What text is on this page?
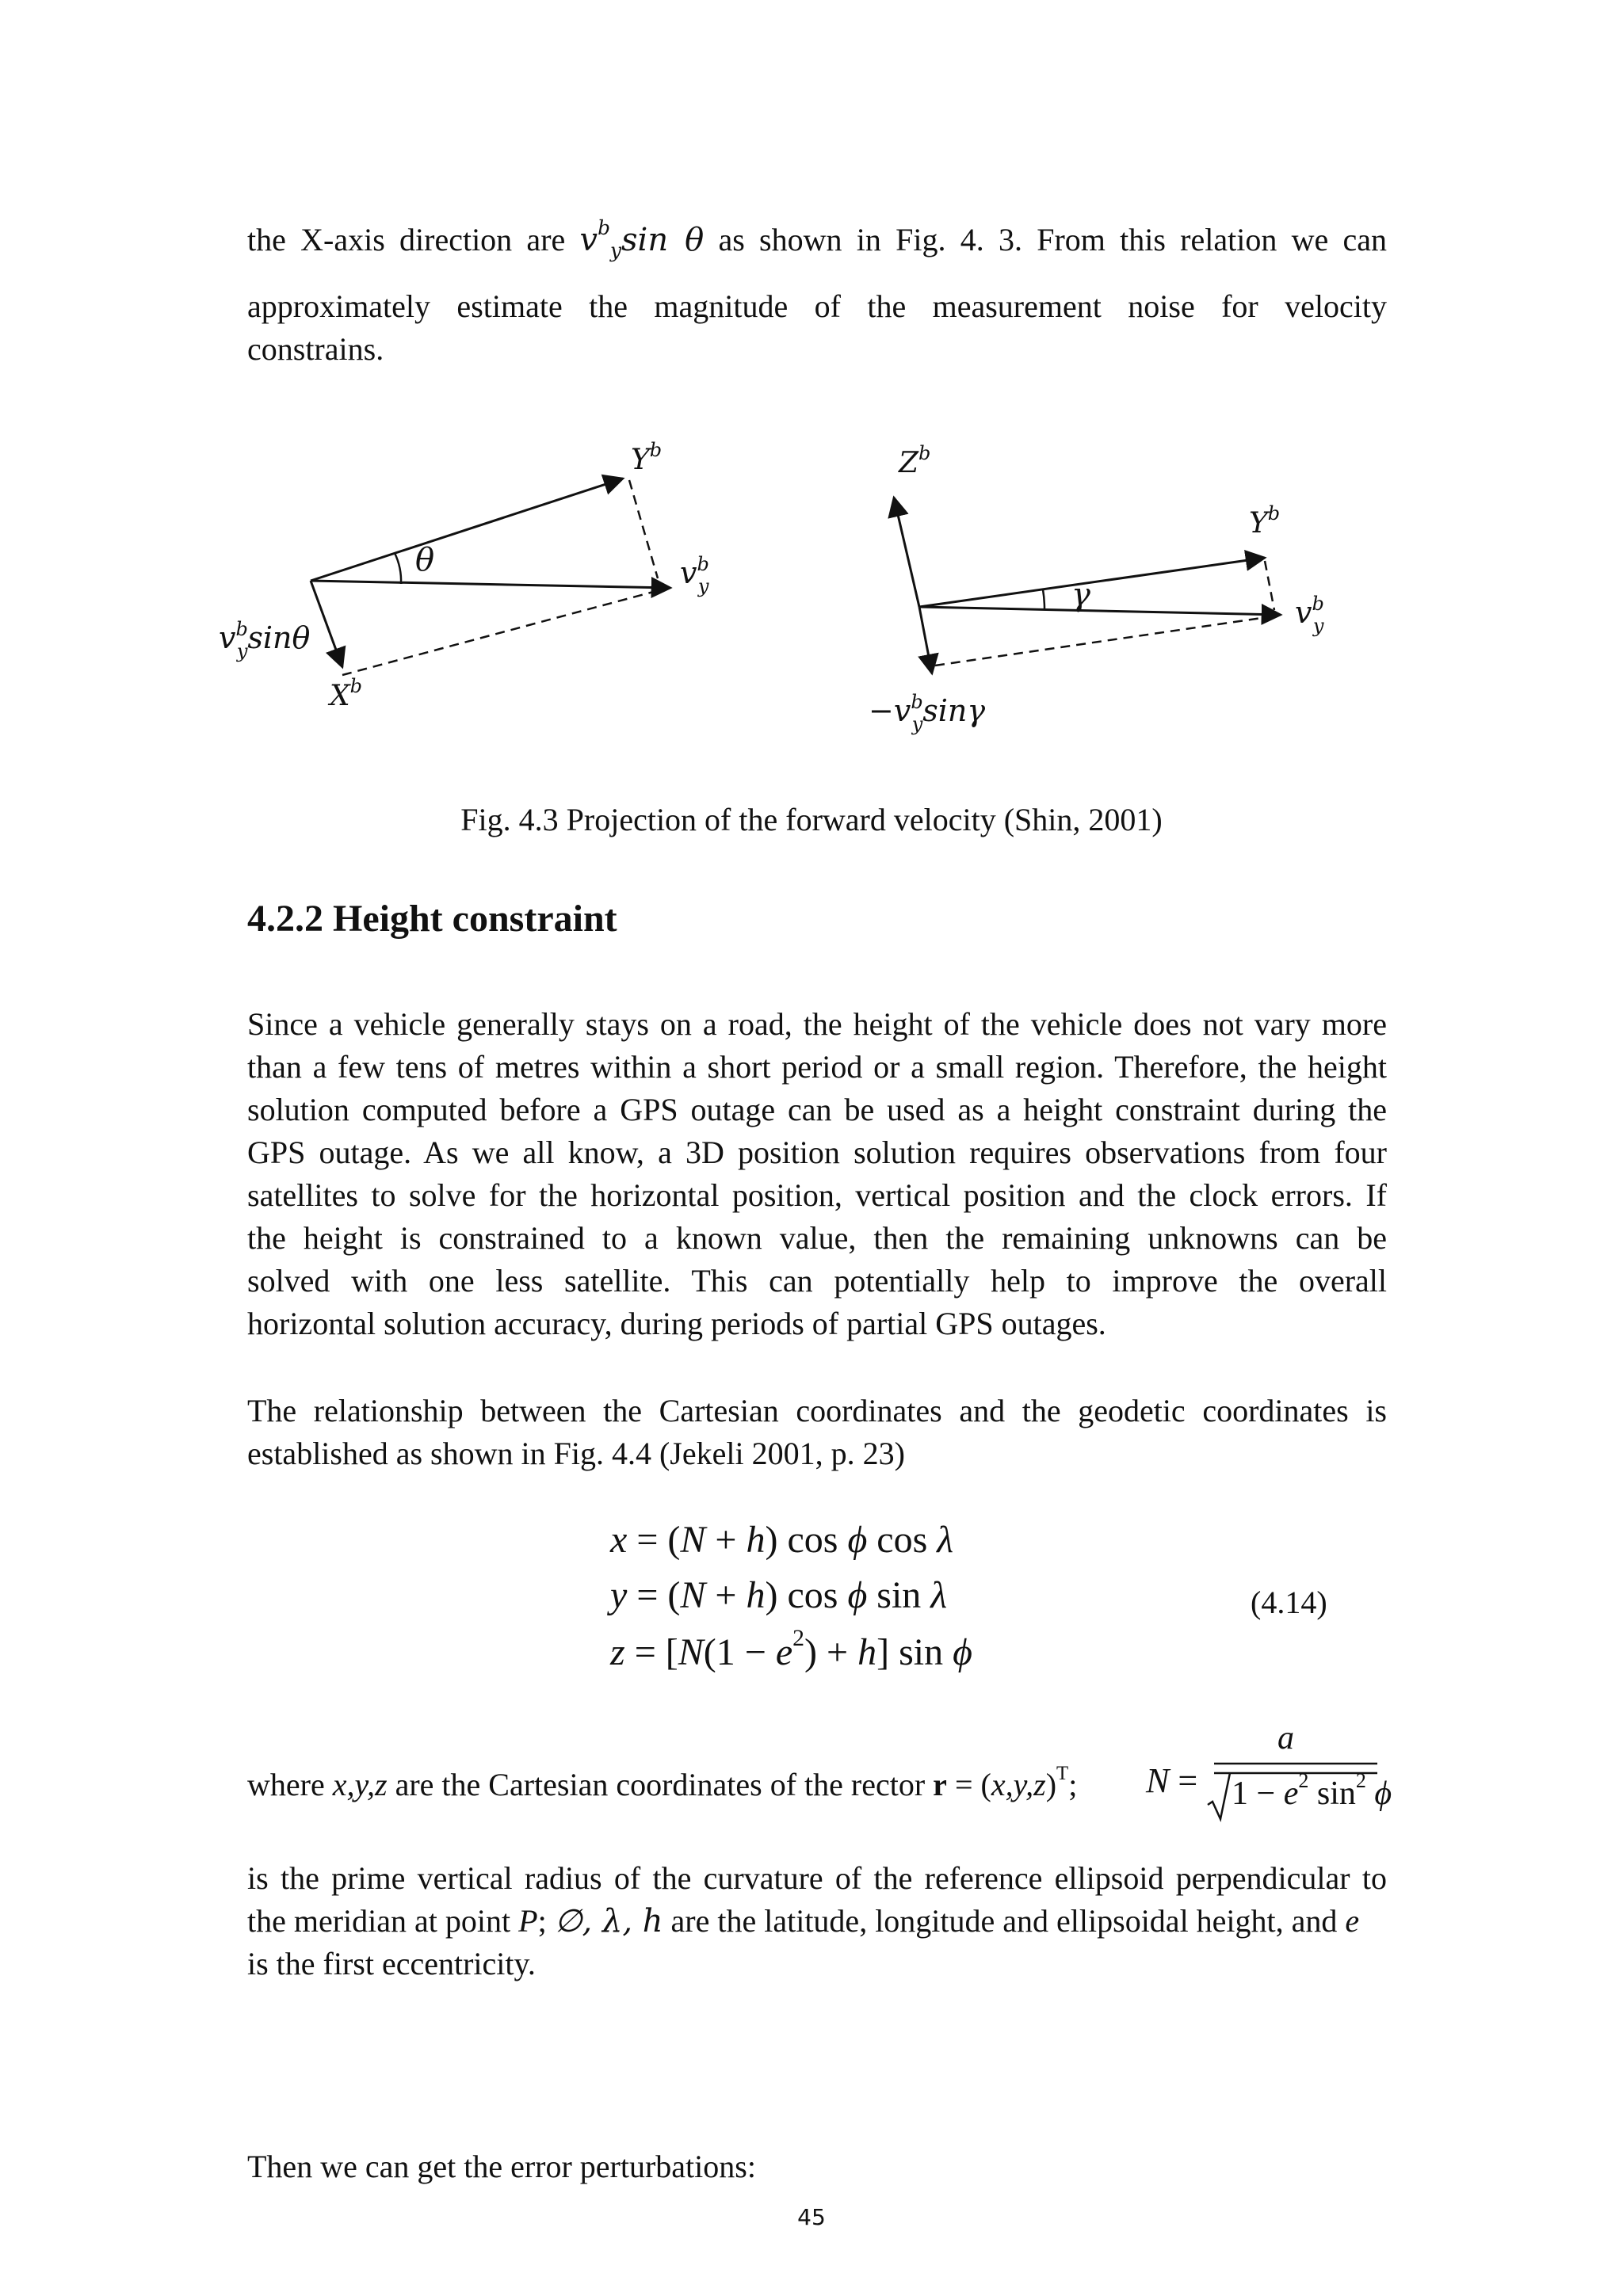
the X-axis direction are $v^b_y\sin$ θ as shown in Fig. 4. 3. From this relation we can
approximately estimate the magnitude of the measurement noise for velocity
constrains.
$Y^b$
θ	$v^b$ y
$v^b$ ysinθ
$X^b$
$Z^b$
$Y^b$
γ	$v^b$ y
$-v^b$ ysinγ
Fig. 4.3 Projection of the forward velocity (Shin, 2001)
4.2.2 Height constraint
Since a vehicle generally stays on a road, the height of the vehicle does not vary more
than a few tens of metres within a short period or a small region. Therefore, the height
solution computed before a GPS outage can be used as a height constraint during the
GPS outage. As we all know, a 3D position solution requires observations from four
satellites to solve for the horizontal position, vertical position and the clock errors. If
the height is constrained to a known value, then the remaining unknowns can be
solved with one less satellite. This can potentially help to improve the overall
horizontal solution accuracy, during periods of partial GPS outages.
The relationship between the Cartesian coordinates and the geodetic coordinates is
established as shown in Fig. 4.4 (Jekeli 2001, p. 23)
x = (N + h) cos ϕ cos λ
y = (N + h) cos ϕ sin λ
$z = [N(1 - e^2) + h]$ sin ϕ
(4.14)
where x,y,z are the Cartesian coordinates of the rector $r = (x,y,z)^T$; N =
a
$1 - e^2$ $\sin^2 \phi$
is the prime vertical radius of the curvature of the reference ellipsoid perpendicular to
the meridian at point P; ∅, λ, h are the latitude, longitude and ellipsoidal height, and e
is the first eccentricity.
Then we can get the error perturbations:
45
